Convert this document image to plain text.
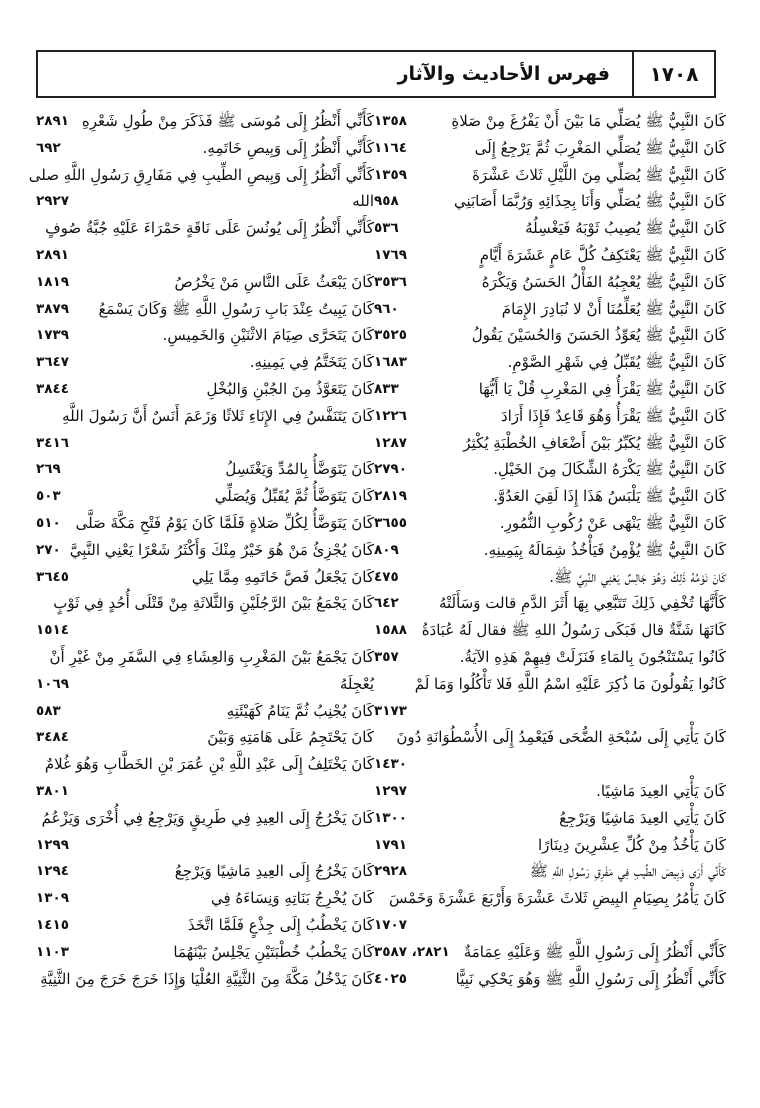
١٧٠٨
فهرس الأحاديث والآثار
كَانَ النَّبِيُّ ﷺ يُصَلِّي مَا بَيْنَ أَنْ يَفْرُغَ مِنْ صَلاةِ
١٣٥٨
كَانَ النَّبِيُّ ﷺ يُصَلِّي المَغْرِبَ ثُمَّ يَرْجِعُ إِلَى
١١٦٤
كَانَ النَّبِيُّ ﷺ يُصَلِّي مِنَ اللَّيْلِ ثَلاثَ عَشْرَةَ
١٣٥٩
كَانَ النَّبِيُّ ﷺ يُصَلِّي وَأَنَا بِحِذَائِهِ وَرُبَّمَا أَصَابَنِي
٩٥٨
كَانَ النَّبِيُّ ﷺ يُصِيبُ ثَوْبَهُ فَيَغْسِلُهُ
٥٣٦
كَانَ النَّبِيُّ ﷺ يَعْتَكِفُ كُلَّ عَامٍ عَشَرَةَ أَيَّامٍ
١٧٦٩
كَانَ النَّبِيُّ ﷺ يُعْجِبُهُ الفَأْلُ الحَسَنُ وَيَكْرَهُ
٣٥٣٦
كَانَ النَّبِيُّ ﷺ يُعَلِّمُنَا أَنْ لا نُبَادِرَ الإِمَامَ
٩٦٠
كَانَ النَّبِيُّ ﷺ يُعَوِّذُ الحَسَنَ وَالحُسَيْنَ يَقُولُ
٣٥٢٥
كَانَ النَّبِيُّ ﷺ يُقَبِّلُ فِي شَهْرِ الصَّوْمِ.
١٦٨٣
كَانَ النَّبِيُّ ﷺ يَقْرَأُ فِي المَغْرِبِ قُلْ يَا أَيُّهَا
٨٣٣
كَانَ النَّبِيُّ ﷺ يَقْرَأُ وَهُوَ قَاعِدٌ فَإِذَا أَرَادَ
١٢٢٦
كَانَ النَّبِيُّ ﷺ يُكَبِّرُ بَيْنَ أَضْعَافِ الخُطْبَةِ يُكْثِرُ
١٢٨٧
كَانَ النَّبِيُّ ﷺ يَكْرَهُ الشِّكَالَ مِنَ الخَيْلِ.
٢٧٩٠
كَانَ النَّبِيُّ ﷺ يَلْبَسُ هَذَا إِذَا لَقِيَ العَدُوَّ.
٢٨١٩
كَانَ النَّبِيُّ ﷺ يَنْهَى عَنْ رُكُوبِ النُّمُورِ.
٣٦٥٥
كَانَ النَّبِيُّ ﷺ يُؤْمِنُ فَيَأْخُذُ شِمَالَهُ بِيَمِينِهِ.
٨٠٩
كَانَ نَوْمُهُ ذَلِكَ وَهُوَ جَالِسٌ يَعْنِي النَّبِيَّ ﷺ.
٤٧٥
كَأَنَّهَا تُخْفِي ذَلِكَ تَتَبَّعِي بِهَا أَثَرَ الدَّمِ قالت وَسَأَلَتْهُ
٦٤٢
كَانَهَا شَنَّةٌ قال فَبَكَى رَسُولُ اللهِ ﷺ فقال لَهُ عُبَادَةُ
١٥٨٨
كَانُوا يَسْتَنْجُونَ بِالمَاءِ فَنَزَلَتْ فِيهِمْ هَذِهِ الآيَةُ.
٣٥٧
كَانُوا يَقُولُونَ مَا ذُكِرَ عَلَيْهِ اسْمُ اللَّهِ فَلا تَأْكُلُوا وَمَا لَمْ
٣١٧٣
كَانَ يَأْتِي إِلَى سُبْحَةِ الضُّحَى فَيَعْمِدُ إِلَى الأُسْطُوَانَةِ دُونَ
١٤٣٠
كَانَ يَأْتِي العِيدَ مَاشِيًا.
١٢٩٧
كَانَ يَأْتِي العِيدَ مَاشِيًا وَيَرْجِعُ
١٣٠٠
كَانَ يَأْخُذُ مِنْ كُلِّ عِشْرِينَ دِينَارًا
١٧٩١
كَأَنِّي أَرَى وَبِيصَ الطِّيبِ فِي مَفْرِقِ رَسُولِ اللَّهِ ﷺ
٢٩٢٨
كَانَ يَأْمُرُ بِصِيَامِ البِيضِ ثَلاثَ عَشْرَةَ وَأَرْبَعَ عَشْرَةَ وَخَمْسَ
١٧٠٧
كَأَنِّي أَنْظُرُ إِلَى رَسُولِ اللَّهِ ﷺ وَعَلَيْهِ عِمَامَةٌ
٢٨٢١، ٣٥٨٧
كَأَنِّي أَنْظُرُ إِلَى رَسُولِ اللَّهِ ﷺ وَهُوَ يَحْكِي نَبِيًّا
٤٠٢٥
كَأَنِّي أَنْظُرُ إِلَى مُوسَى ﷺ فَذَكَرَ مِنْ طُولِ شَعْرِهِ
٢٨٩١
كَأَنِّي أَنْظُرُ إِلَى وَبِيصِ خَاتَمِهِ.
٦٩٢
كَأَنِّي أَنْظُرُ إِلَى وَبِيصِ الطِّيبِ فِي مَفَارِقِ رَسُولِ اللَّهِ صلى
الله
٢٩٢٧
كَأَنِّي أَنْظُرُ إِلَى يُونُسَ عَلَى نَاقَةٍ حَمْرَاءَ عَلَيْهِ جُبَّةُ صُوفٍ
٢٨٩١
كَانَ يَبْعَثُ عَلَى النَّاسِ مَنْ يَخْرُصُ
١٨١٩
كَانَ يَبِيتُ عِنْدَ بَابِ رَسُولِ اللَّهِ ﷺ وَكَانَ يَسْمَعُ
٣٨٧٩
كَانَ يَتَحَرَّى صِيَامَ الاثْنَيْنِ وَالخَمِيسِ.
١٧٣٩
كَانَ يَتَخَتَّمُ فِي يَمِينِهِ.
٣٦٤٧
كَانَ يَتَعَوَّذُ مِنَ الجُبْنِ وَالبُخْلِ
٣٨٤٤
كَانَ يَتَنَفَّسُ فِي الإِنَاءِ ثَلاثًا وَزَعَمَ أَنَسٌ أَنَّ رَسُولَ اللَّهِ
٣٤١٦
كَانَ يَتَوَضَّأُ بِالمُدِّ وَيَغْتَسِلُ
٢٦٩
كَانَ يَتَوَضَّأُ ثُمَّ يُقَبِّلُ وَيُصَلِّي
٥٠٣
كَانَ يَتَوَضَّأُ لِكُلِّ صَلاةٍ فَلَمَّا كَانَ يَوْمُ فَتْحِ مَكَّةَ صَلَّى
٥١٠
كَانَ يُجْزِئُ مَنْ هُوَ خَيْرٌ مِنْكَ وَأَكْثَرُ شَعْرًا يَعْنِي النَّبِيَّ
٢٧٠
كَانَ يَجْعَلُ فَصَّ خَاتَمِهِ مِمَّا يَلِي
٣٦٤٥
كَانَ يَجْمَعُ بَيْنَ الرَّجُلَيْنِ وَالثَّلاثَةِ مِنْ قَتْلَى أُحُدٍ فِي ثَوْبٍ
١٥١٤
كَانَ يَجْمَعُ بَيْنَ المَغْرِبِ وَالعِشَاءِ فِي السَّفَرِ مِنْ غَيْرِ أَنْ
يُعْجِلَهُ
١٠٦٩
كَانَ يُجْنِبُ ثُمَّ يَنَامُ كَهَيْئَتِهِ
٥٨٣
كَانَ يَحْتَجِمُ عَلَى هَامَتِهِ وَبَيْنَ
٣٤٨٤
كَانَ يَخْتَلِفُ إِلَى عَبْدِ اللَّهِ بْنِ عُمَرَ بْنِ الخَطَّابِ وَهُوَ غُلامٌ
٣٨٠١
كَانَ يَخْرُجُ إِلَى العِيدِ فِي طَرِيقٍ وَيَرْجِعُ فِي أُخْرَى وَيَزْعُمُ
١٢٩٩
كَانَ يَخْرُجُ إِلَى العِيدِ مَاشِيًا وَيَرْجِعُ
١٢٩٤
كَانَ يُخْرِجُ بَنَاتِهِ وَنِسَاءَهُ فِي
١٣٠٩
كَانَ يَخْطُبُ إِلَى جِذْعٍ فَلَمَّا اتَّخَذَ
١٤١٥
كَانَ يَخْطُبُ خُطْبَتَيْنِ يَجْلِسُ بَيْنَهُمَا
١١٠٣
كَانَ يَدْخُلُ مَكَّةَ مِنَ الثَّنِيَّةِ العُلْيَا وَإِذَا خَرَجَ خَرَجَ مِنَ الثَّنِيَّةِ
